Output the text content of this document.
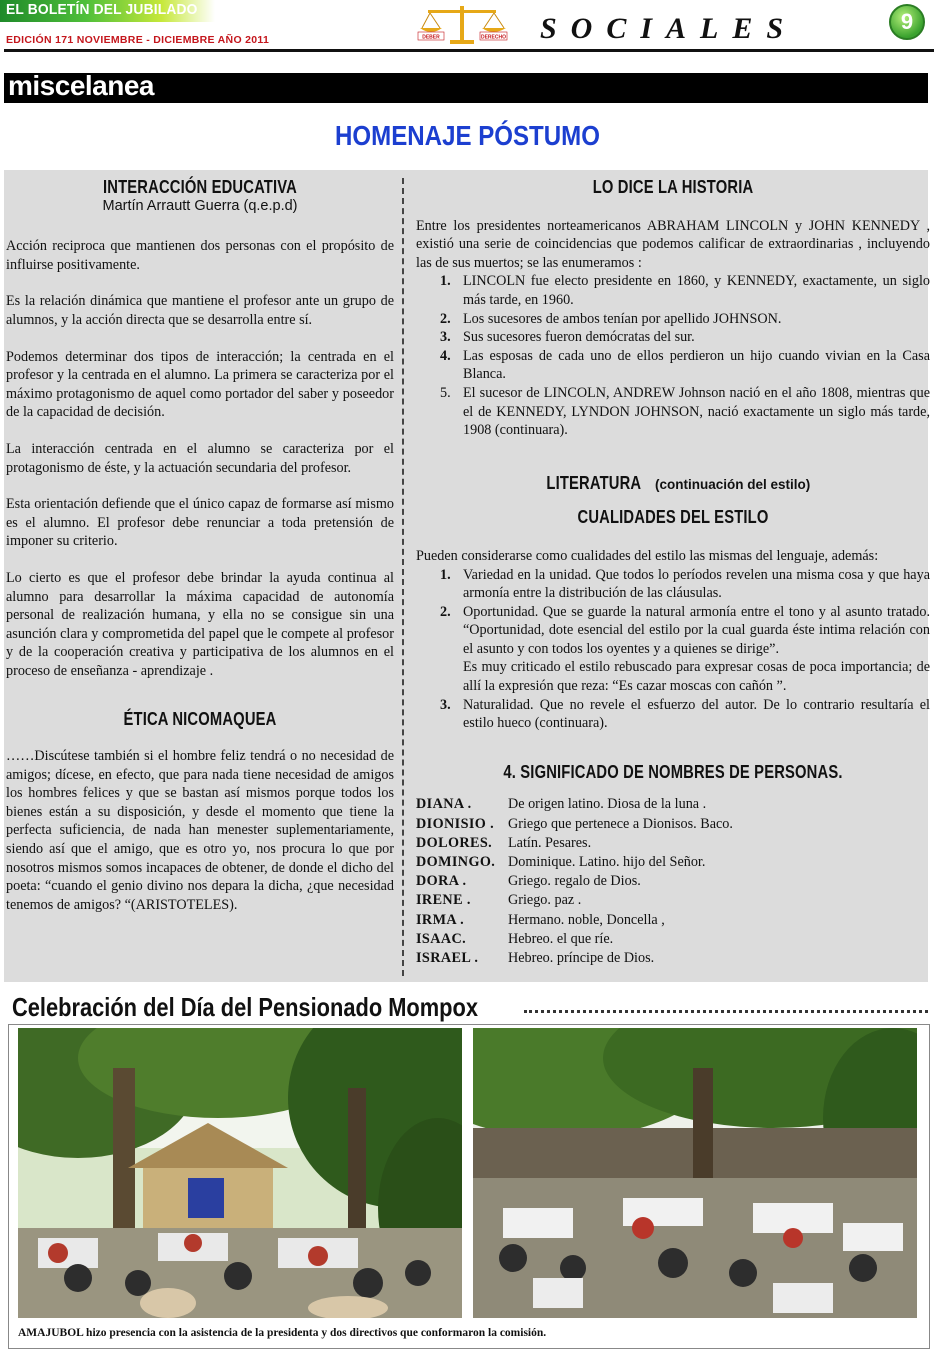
EL BOLETÍN DEL JUBILADO
EDICIÓN 171 NOVIEMBRE - DICIEMBRE AÑO 2011	DEBER	DERECHO SOCIALES	9
miscelanea
HOMENAJE PÓSTUMO
INTERACCIÓN EDUCATIVA
Martín Arrautt Guerra (q.e.p.d)

Acción reciproca que mantienen dos personas con el propósito de influirse positivamente.

Es la relación dinámica que mantiene el profesor ante un grupo de alumnos, y la acción directa que se desarrolla entre sí.

Podemos determinar dos tipos de interacción; la centrada en el profesor y la centrada en el alumno. La primera se caracteriza por el máximo protagonismo de aquel como portador del saber y poseedor de la capacidad de decisión.

La interacción centrada en el alumno se caracteriza por el protagonismo de éste, y la actuación secundaria del profesor.

Esta orientación defiende que el único capaz de formarse así mismo es el alumno. El profesor debe renunciar a toda pretensión de imponer su criterio.

Lo cierto es que el profesor debe brindar la ayuda continua al alumno para desarrollar la máxima capacidad de autonomía personal de realización humana, y ella no se consigue sin una asunción clara y comprometida del papel que le compete al profesor y de la cooperación creativa y participativa de los alumnos en el proceso de enseñanza - aprendizaje .

ÉTICA NICOMAQUEA

……Discútese también si el hombre feliz tendrá o no necesidad de amigos; dícese, en efecto, que para nada tiene necesidad de amigos los hombres felices y que se bastan así mismos porque todos los bienes están a su disposición, y desde el momento que tiene la perfecta suficiencia, de nada han menester suplementariamente, siendo así que el amigo, que es otro yo, nos procura lo que por nosotros mismos somos incapaces de obtener, de donde el dicho del poeta: “cuando el genio divino nos depara la dicha, ¿que necesidad tenemos de amigos? “(ARISTOTELES).

LO DICE LA HISTORIA

Entre los presidentes norteamericanos ABRAHAM LINCOLN y JOHN KENNEDY , existió una serie de coincidencias que podemos calificar de extraordinarias , incluyendo las de sus muertos; se las enumeramos :

1. LINCOLN fue electo presidente en 1860, y KENNEDY, exactamente, un siglo más tarde, en 1960.
2. Los sucesores de ambos tenían por apellido JOHNSON.
3. Sus sucesores fueron demócratas del sur.
4. Las esposas de cada uno de ellos perdieron un hijo cuando vivian en la Casa Blanca.
5. El sucesor de LINCOLN, ANDREW Johnson nació en el año 1808, mientras que el de KENNEDY, LYNDON JOHNSON, nació exactamente un siglo más tarde, 1908 (continuara).
LITERATURA (continuación del estilo)
CUALIDADES DEL ESTILO

Pueden considerarse como cualidades del estilo las mismas del lenguaje, además:

1. Variedad en la unidad. Que todos lo períodos revelen una misma cosa y que haya armonía entre la distribución de las cláusulas.
2. Oportunidad. Que se guarde la natural armonía entre el tono y al asunto tratado. “Oportunidad, dote esencial del estilo por la cual guarda éste intima relación con el asunto y con todos los oyentes y a quienes se dirige”.
Es muy criticado el estilo rebuscado para expresar cosas de poca importancia; de allí la expresión que reza: “Es cazar moscas con cañón ”.
3. Naturalidad. Que no revele el esfuerzo del autor. De lo contrario resultaría el estilo hueco (continuara).
4. SIGNIFICADO DE NOMBRES DE PERSONAS.
DIANA .	De origen latino. Diosa de la luna .
DIONISIO . Griego que pertenece a Dionisos. Baco.
DOLORES.	Latín. Pesares.
DOMINGO. Dominique. Latino. hijo del Señor.
DORA .	Griego. regalo de Dios.
IRENE .	Griego. paz .
IRMA .	Hermano. noble, Doncella ,
ISAAC.	Hebreo. el que ríe.
ISRAEL .	Hebreo. príncipe de Dios.
Celebración del Día del Pensionado Mompox
AMAJUBOL hizo presencia con la asistencia de la presidenta y dos directivos que conformaron la comisión.
